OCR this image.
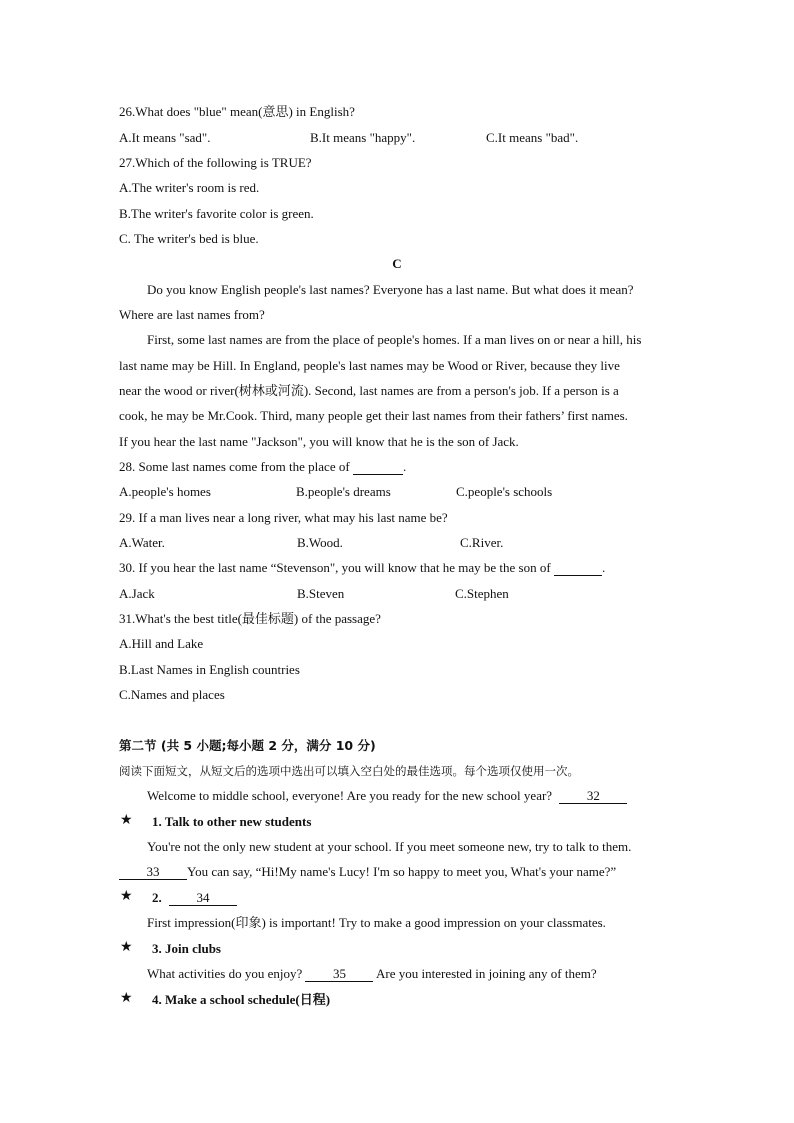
26.What does "blue" mean(意思) in English?
A.It means "sad".	B.It means "happy".	C.It means "bad".
27.Which of the following is TRUE?
A.The writer's room is red.
B.The writer's favorite color is green.
C. The writer's bed is blue.
C
Do you know English people's last names? Everyone has a last name. But what does it mean?
Where are last names from?
First, some last names are from the place of people's homes. If a man lives on or near a hill, his
last name may be Hill. In England, people's last names may be Wood or River, because they live
near the wood or river(树林或河流). Second, last names are from a person's job. If a person is a
cook, he may be Mr.Cook. Third, many people get their last names from their fathers’ first names.
If you hear the last name "Jackson", you will know that he is the son of Jack.
28. Some last names come from the place of	.
A.people's homes	B.people's dreams	C.people's schools
29. If a man lives near a long river, what may his last name be?
A.Water.	B.Wood.	C.River.
30. If you hear the last name “Stevenson", you will know that he may be the son of	.
A.Jack	B.Steven	C.Stephen
31.What's the best title(最佳标题) of the passage?
A.Hill and Lake
B.Last Names in English countries
C.Names and places
第二节 (共 5 小题;每小题 2 分，满分 10 分)
阅读下面短文，从短文后的选项中选出可以填入空白处的最佳选项。每个选项仅使用一次。
Welcome to middle school, everyone! Are you ready for the new school year?	32
★ 1. Talk to other new students
You're not the only new student at your school. If you meet someone new, try to talk to them.
33 You can say, “Hi!My name's Lucy! I'm so happy to meet you, What's your name?”
★ 2.	34
First impression(印象) is important! Try to make a good impression on your classmates.
★ 3. Join clubs
What activities do you enjoy? 35 Are you interested in joining any of them?
★ 4. Make a school schedule(日程)
